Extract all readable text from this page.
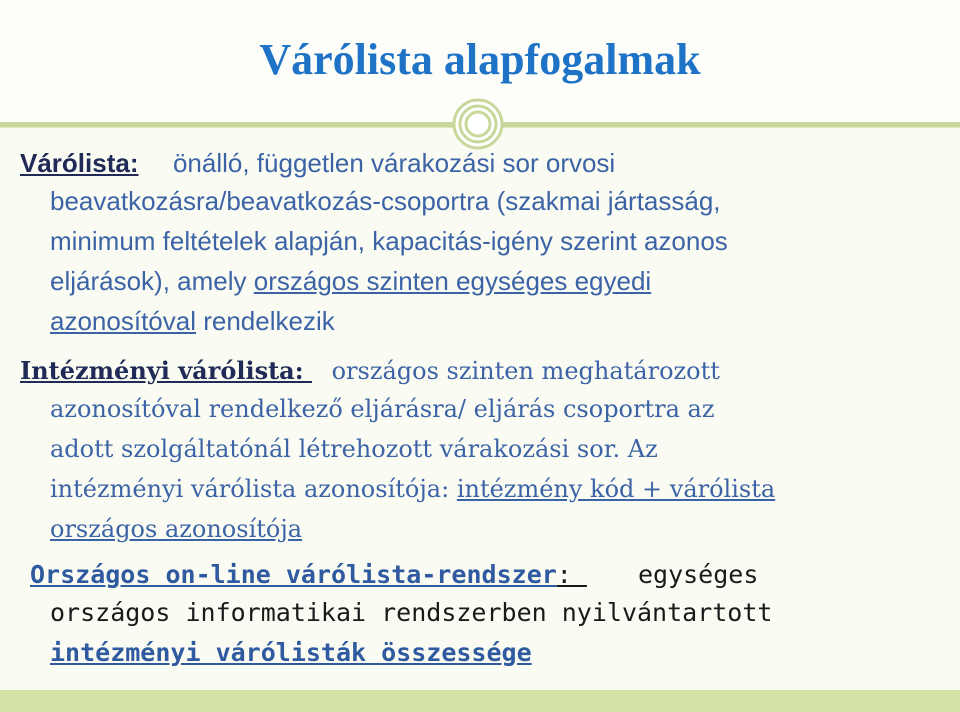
Várólista alapfogalmak
Várólista: önálló, független várakozási sor orvosi
beavatkozásra/beavatkozás-csoportra (szakmai jártasság,
minimum feltételek alapján, kapacitás-igény szerint azonos
eljárások), amely országos szinten egységes egyedi
azonosítóval rendelkezik
Intézményi várólista:  országos szinten meghatározott
azonosítóval rendelkező eljárásra/ eljárás csoportra az
adott szolgáltatónál létrehozott várakozási sor. Az
intézményi várólista azonosítója: intézmény kód + várólista
országos azonosítója
Országos on-line várólista-rendszer:  egységes
országos informatikai rendszerben nyilvántartott
intézményi várólisták összessége
